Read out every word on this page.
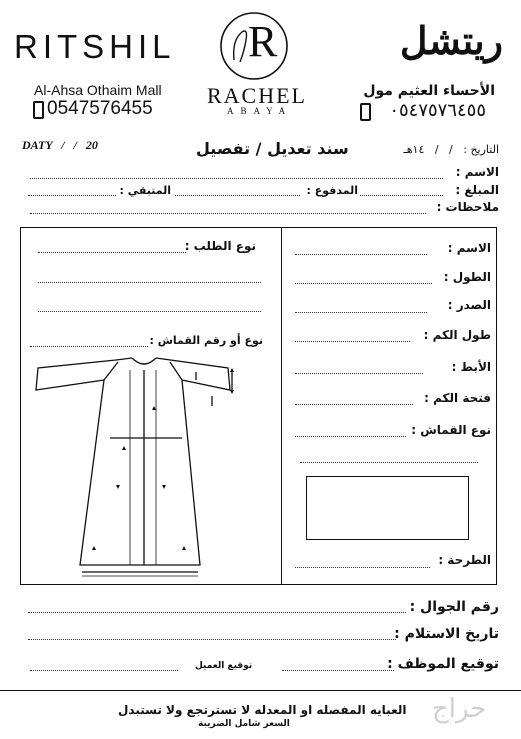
RITSHIL	ريتشل
R
RACHEL
ABAYA
Al-Ahsa Othaim Mall
0547576455
الأحساء العثيم مول
٠٥٤٧٥٧٦٤٥٥
DATY   /   /   20	سند تعديل / تفصيل	التاريخ :   /   /   ١٤هـ
الاسم :
المبلغ :
المدفوع :
المتبقي :
ملاحظات :
نوع الطلب :
نوع أو رقم القماش :
الاسم :
الطول :
الصدر :
طول الكم :
الأبط :
فتحة الكم :
نوع القماش :
الطرحة :
رقم الجوال :
تاريخ الاستلام :
توقيع الموظف :
توقيع العميل
العبايه المفصله او المعدله لا تسترتجع ولا تستبدل
السعر شامل الضريبة	حراج
